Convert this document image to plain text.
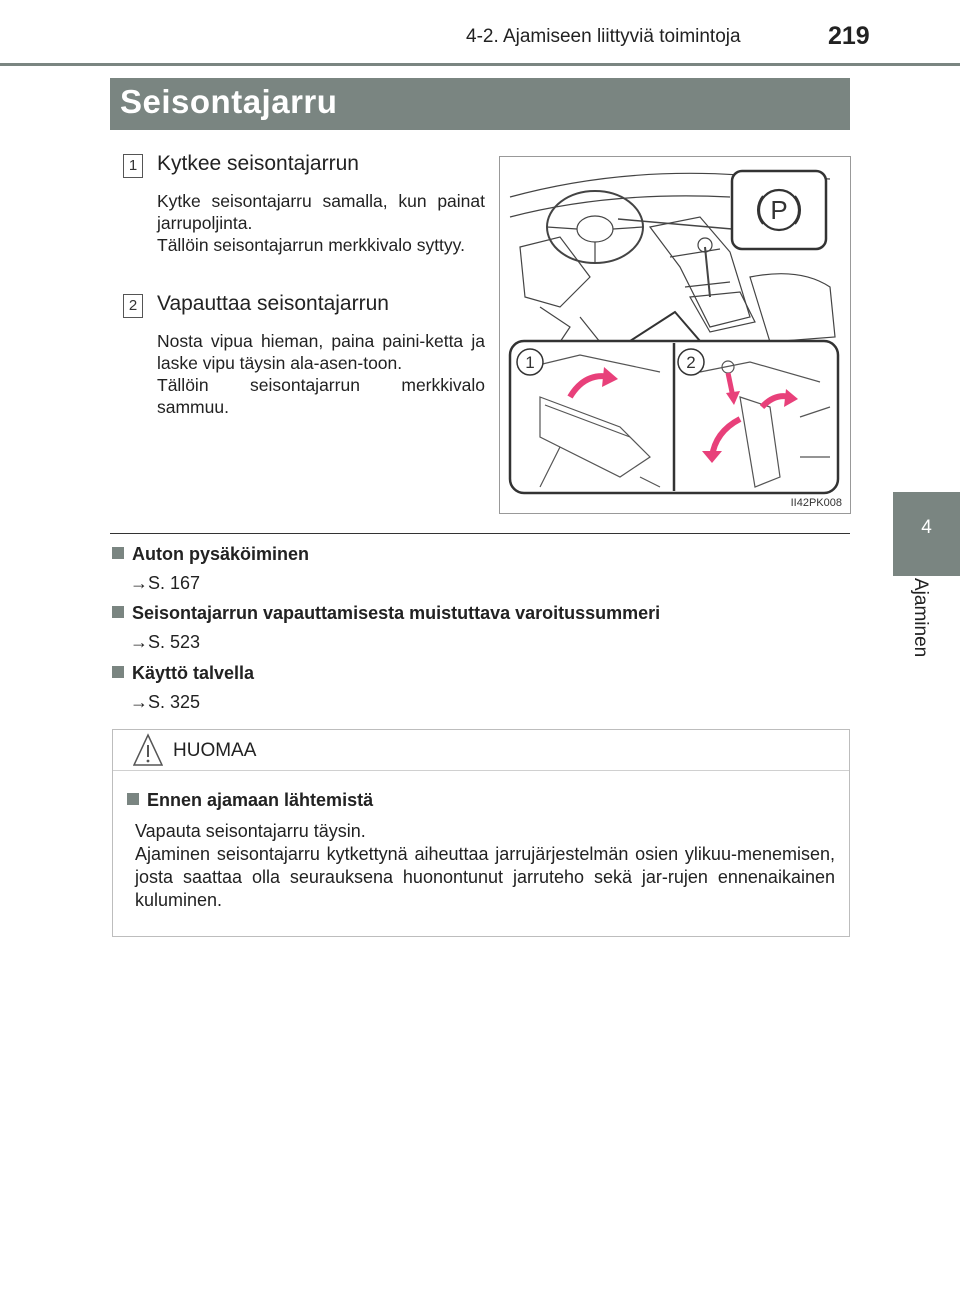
4-2. Ajamiseen liittyviä toimintoja	219
4
Ajaminen
Seisontajarru
1 Kytkee seisontajarrun
Kytke seisontajarru samalla, kun painat jarrupoljinta.
Tällöin seisontajarrun merkkivalo syttyy.
2 Vapauttaa seisontajarrun
Nosta vipua hieman, paina paini-ketta ja laske vipu täysin ala-asen-toon.
Tällöin seisontajarrun merkkivalo sammuu.
P
1	2
II42PK008
Auton pysäköiminen
→S. 167
Seisontajarrun vapauttamisesta muistuttava varoitussummeri
→S. 523
Käyttö talvella
→S. 325
HUOMAA
Ennen ajamaan lähtemistä

Vapauta seisontajarru täysin.

Ajaminen seisontajarru kytkettynä aiheuttaa jarrujärjestelmän osien ylikuu-menemisen, josta saattaa olla seurauksena huonontunut jarruteho sekä jar-rujen ennenaikainen kuluminen.
